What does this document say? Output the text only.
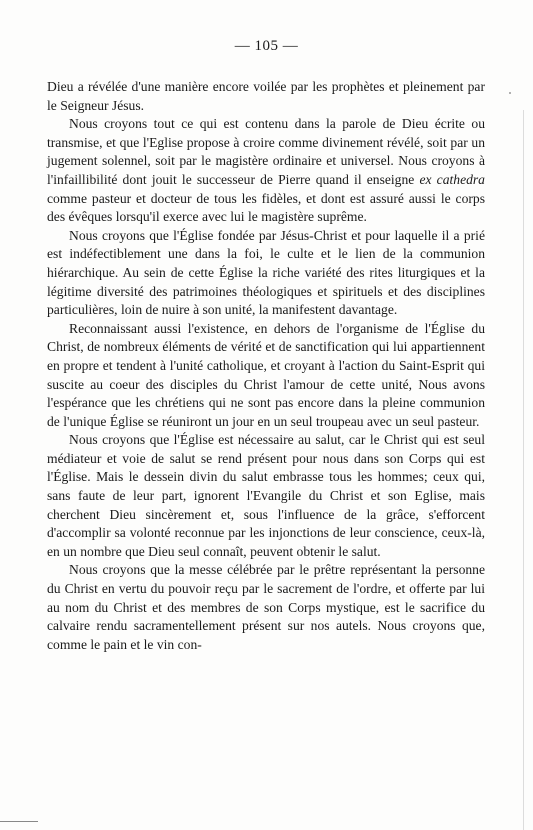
— 105 —

Dieu a révélée d'une manière encore voilée par les prophètes et pleinement par le Seigneur Jésus.

Nous croyons tout ce qui est contenu dans la parole de Dieu écrite ou transmise, et que l'Eglise propose à croire comme divinement révélé, soit par un jugement solennel, soit par le magistère ordinaire et universel. Nous croyons à l'infaillibilité dont jouit le successeur de Pierre quand il enseigne ex cathedra comme pasteur et docteur de tous les fidèles, et dont est assuré aussi le corps des évêques lorsqu'il exerce avec lui le magistère suprême.

Nous croyons que l'Église fondée par Jésus-Christ et pour laquelle il a prié est indéfectiblement une dans la foi, le culte et le lien de la communion hiérarchique. Au sein de cette Église la riche variété des rites liturgiques et la légitime diversité des patrimoines théologiques et spirituels et des disciplines particulières, loin de nuire à son unité, la manifestent davantage.

Reconnaissant aussi l'existence, en dehors de l'organisme de l'Église du Christ, de nombreux éléments de vérité et de sanctification qui lui appartiennent en propre et tendent à l'unité catholique, et croyant à l'action du Saint-Esprit qui suscite au coeur des disciples du Christ l'amour de cette unité, Nous avons l'espérance que les chrétiens qui ne sont pas encore dans la pleine communion de l'unique Église se réuniront un jour en un seul troupeau avec un seul pasteur.

Nous croyons que l'Église est nécessaire au salut, car le Christ qui est seul médiateur et voie de salut se rend présent pour nous dans son Corps qui est l'Église. Mais le dessein divin du salut embrasse tous les hommes; ceux qui, sans faute de leur part, ignorent l'Evangile du Christ et son Eglise, mais cherchent Dieu sincèrement et, sous l'influence de la grâce, s'efforcent d'accomplir sa volonté reconnue par les injonctions de leur conscience, ceux-là, en un nombre que Dieu seul connaît, peuvent obtenir le salut.

Nous croyons que la messe célébrée par le prêtre représentant la personne du Christ en vertu du pouvoir reçu par le sacrement de l'ordre, et offerte par lui au nom du Christ et des membres de son Corps mystique, est le sacrifice du calvaire rendu sacramentellement présent sur nos autels. Nous croyons que, comme le pain et le vin con-
